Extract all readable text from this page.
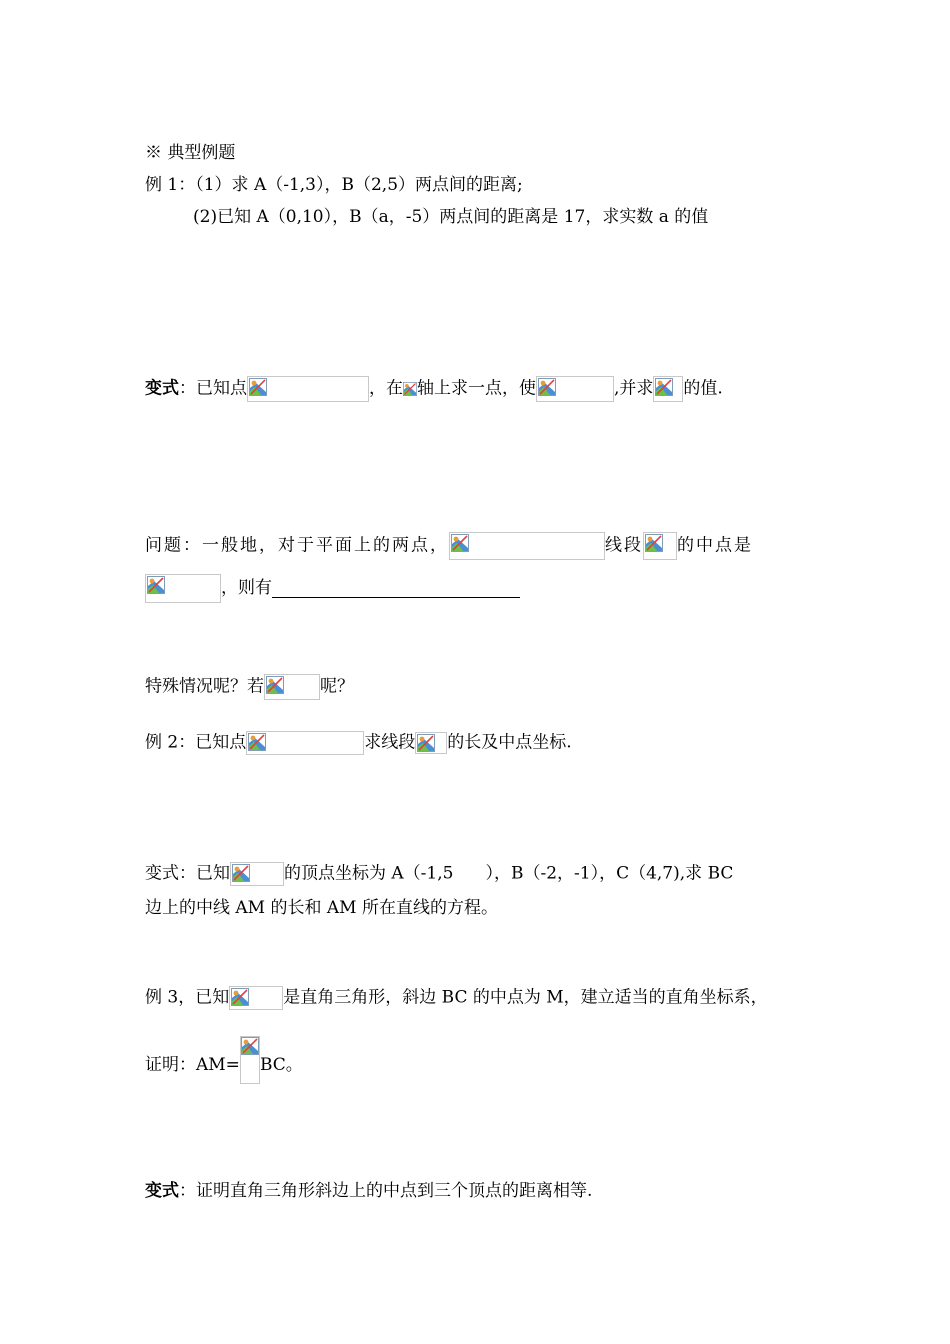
※ 典型例题
例 1：（1）求 A（-1,3），B（2,5）两点间的距离;
(2)已知 A（0,10），B（a，-5）两点间的距离是 17，求实数 a 的值
变式：已知点	，在 轴上求一点，使	,并求 的值.
问题：一般地，对于平面上的两点，	线段 的中点是
，则有
特殊情况呢？若	呢？
例 2：已知点	求线段 的长及中点坐标.
变式：已知	的顶点坐标为 A（-1,5 ），B（-2，-1），C（4,7),求 BC
边上的中线 AM 的长和 AM 所在直线的方程。
例 3，已知	是直角三角形，斜边 BC 的中点为 M，建立适当的直角坐标系，
证明：AM= BC。
变式：证明直角三角形斜边上的中点到三个顶点的距离相等.
